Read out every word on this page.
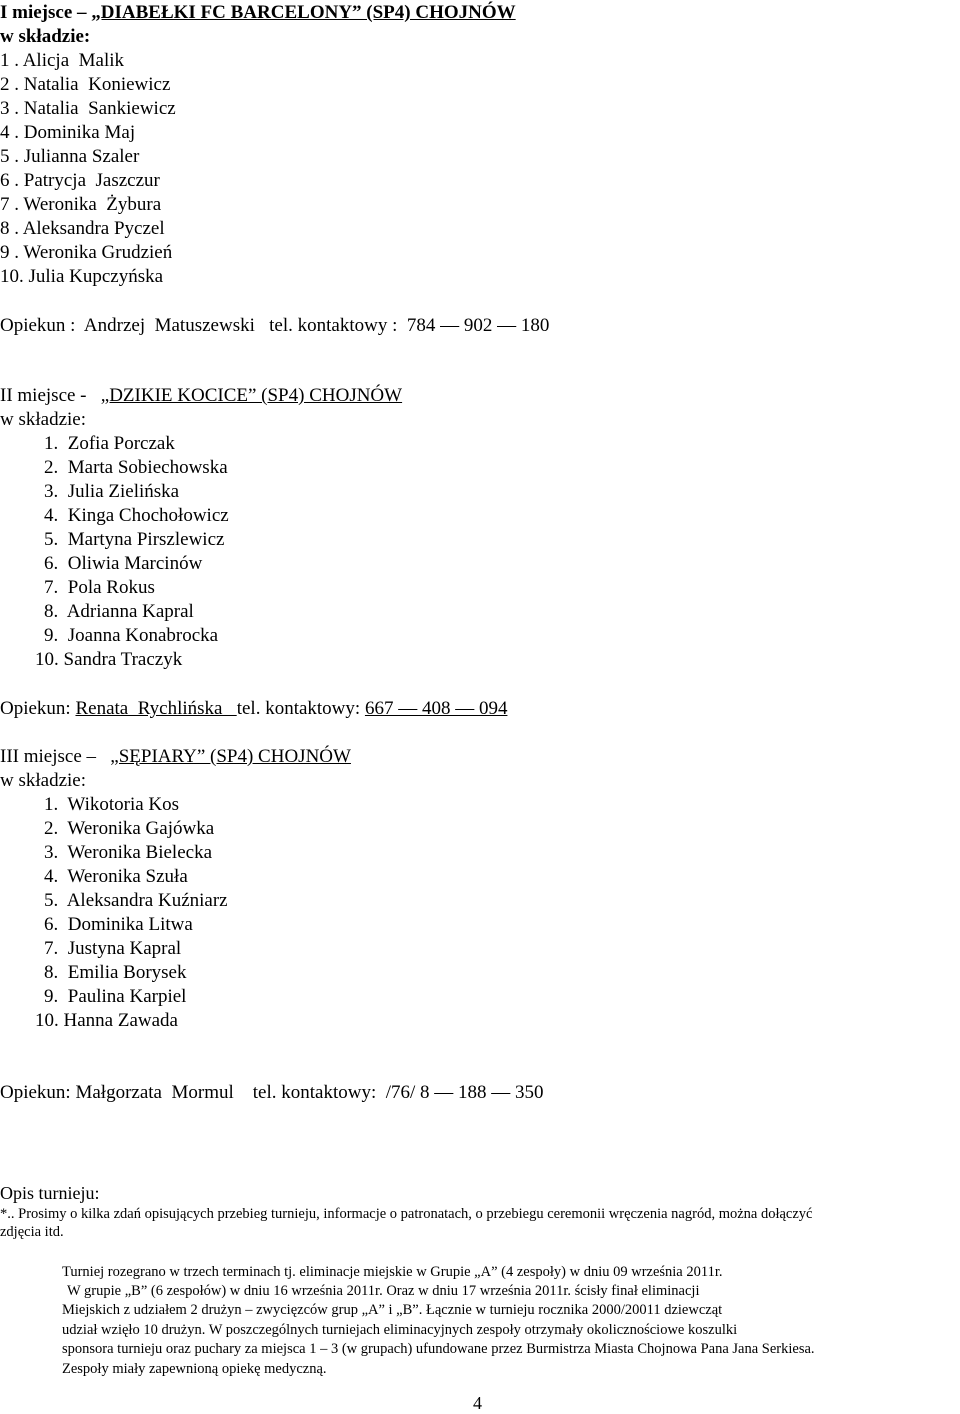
I miejsce – „DIABEŁKI FC BARCELONY” (SP4) CHOJNÓW
w składzie:
1 . Alicja  Malik
2 . Natalia  Koniewicz
3 . Natalia  Sankiewicz
4 . Dominika Maj
5 . Julianna Szaler
6 . Patrycja  Jaszczur
7 . Weronika  Żybura
8 . Aleksandra Pyczel
9 . Weronika Grudzień
10. Julia Kupczyńska
Opiekun :  Andrzej  Matuszewski   tel. kontaktowy :  784 — 902 — 180
II miejsce -   „DZIKIE KOCICE” (SP4) CHOJNÓW
w składzie:
1.  Zofia Porczak
2.  Marta Sobiechowska
3.  Julia Zielińska
4.  Kinga Chochołowicz
5.  Martyna Pirszlewicz
6.  Oliwia Marcinów
7.  Pola Rokus
8.  Adrianna Kapral
9.  Joanna Konabrocka
10. Sandra Traczyk
Opiekun: Renata  Rychlińska   tel. kontaktowy: 667 — 408 — 094
III miejsce –   „SĘPIARY” (SP4) CHOJNÓW
w składzie:
1.  Wikotoria Kos
2.  Weronika Gajówka
3.  Weronika Bielecka
4.  Weronika Szuła
5.  Aleksandra Kuźniarz
6.  Dominika Litwa
7.  Justyna Kapral
8.  Emilia Borysek
9.  Paulina Karpiel
10. Hanna Zawada
Opiekun: Małgorzata  Mormul    tel. kontaktowy:  /76/ 8 — 188 — 350
Opis turnieju:
*.. Prosimy o kilka zdań opisujących przebieg turnieju, informacje o patronatach, o przebiegu ceremonii wręczenia nagród, można dołączyć
zdjęcia itd.
Turniej rozegrano w trzech terminach tj. eliminacje miejskie w Grupie „A” (4 zespoły) w dniu 09 września 2011r.
W grupie „B” (6 zespołów) w dniu 16 września 2011r. Oraz w dniu 17 września 2011r. ścisły finał eliminacji
Miejskich z udziałem 2 drużyn – zwycięzców grup „A” i „B”. Łącznie w turnieju rocznika 2000/20011 dziewcząt
udział wzięło 10 drużyn. W poszczególnych turniejach eliminacyjnych zespoły otrzymały okolicznościowe koszulki
sponsora turnieju oraz puchary za miejsca 1 – 3 (w grupach) ufundowane przez Burmistrza Miasta Chojnowa Pana Jana Serkiesa.
Zespoły miały zapewnioną opiekę medyczną.
4
